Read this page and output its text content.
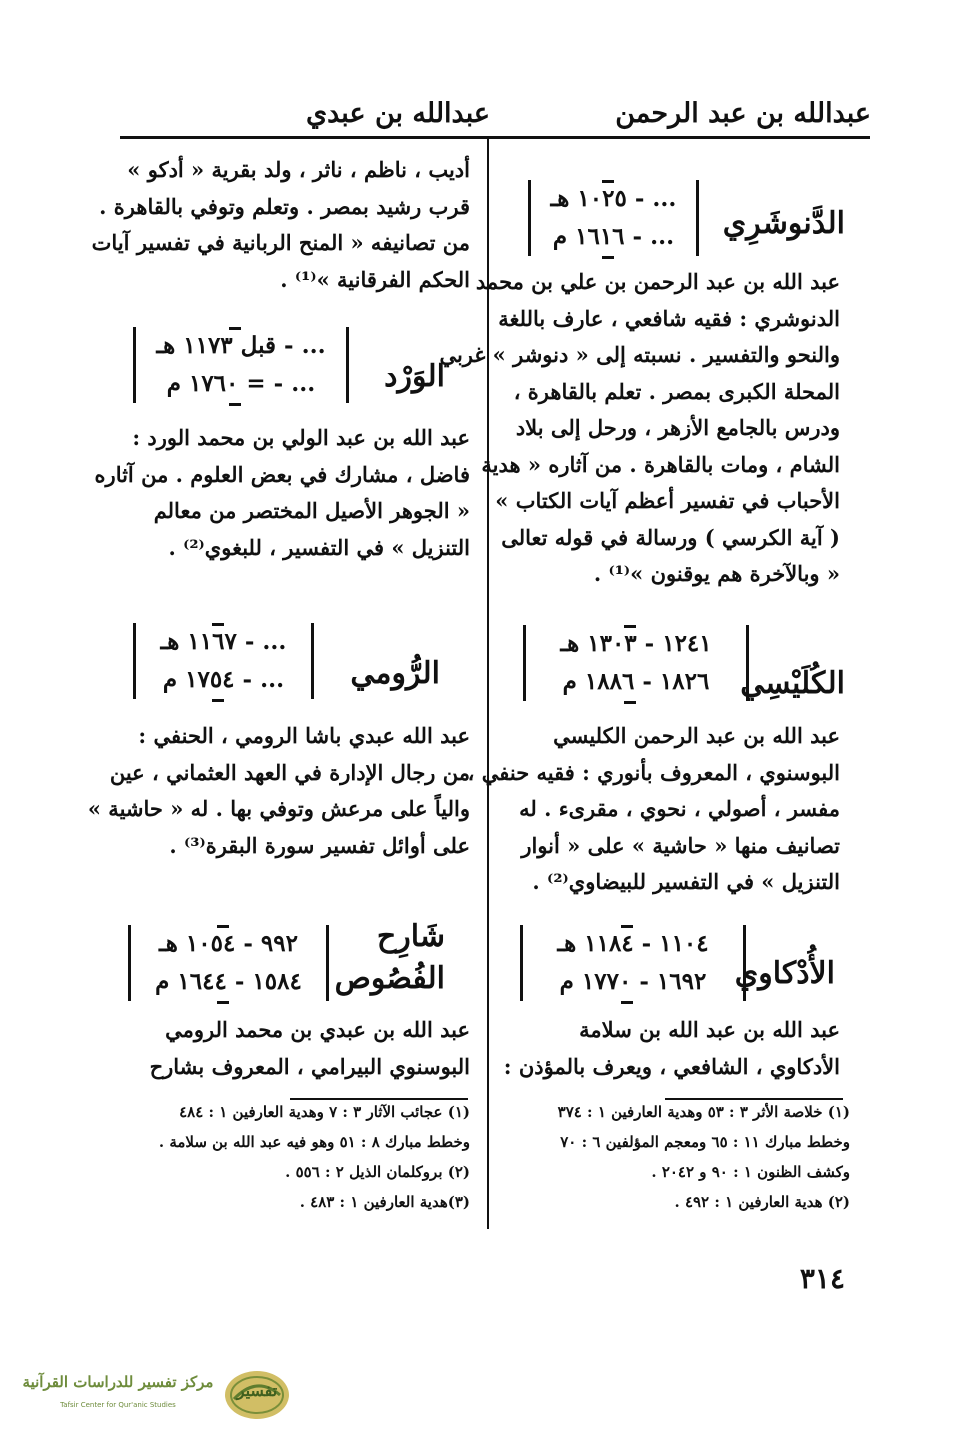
عبدالله بن عبد الرحمن
عبدالله بن عبدي
الدَّنوشَرِي
... - ١٠٢٥ هـ
... - ١٦١٦ م

عبد الله بن عبد الرحمن بن علي بن محمد

الدنوشري : فقيه شافعي ، عارف باللغة

والنحو والتفسير . نسبته إلى « دنوشر » غربي

المحلة الكبرى بمصر . تعلم بالقاهرة ،

ودرس بالجامع الأزهر ، ورحل إلى بلاد

الشام ، ومات بالقاهرة . من آثاره « هدية

الأحباب في تفسير أعظم آيات الكتاب »

( آية الكرسي ) ورسالة في قوله تعالى

« وبالآخرة هم يوقنون »⁽¹⁾ .

الكُلَيْسِي
١٢٤١ - ١٣٠٣ هـ
١٨٢٦ - ١٨٨٦ م

عبد الله بن عبد الرحمن الكليسي

البوسنوي ، المعروف بأنوري : فقيه حنفي ،

مفسر ، أصولي ، نحوي ، مقرىء . له

تصانيف منها « حاشية » على « أنوار

التنزيل » في التفسير للبيضاوي⁽²⁾ .

الأُدْكاوي
١١٠٤ - ١١٨٤ هـ
١٦٩٢ - ١٧٧٠ م

عبد الله بن عبد الله بن سلامة

الأدكاوي ، الشافعي ، ويعرف بالمؤذن :

(١) خلاصة الأثر ٣ : ٥٣ وهدية العارفين ١ : ٣٧٤

وخطط مبارك ١١ : ٦٥ ومعجم المؤلفين ٦ : ٧٠

وكشف الظنون ١ : ٩٠ و ٢٠٤٢ .

(٢) هدية العارفين ١ : ٤٩٢ .

أديب ، ناظم ، ناثر ، ولد بقرية « أدكو »

قرب رشيد بمصر . وتعلم وتوفي بالقاهرة .

من تصانيفه « المنح الربانية في تفسير آيات

الحكم الفرقانية »⁽¹⁾ .

الوَرْد
... - قبل ١١٧٣ هـ
... - = ١٧٦٠ م

عبد الله بن عبد الولي بن محمد الورد :

فاضل ، مشارك في بعض العلوم . من آثاره

« الجوهر الأصيل المختصر من معالم

التنزيل » في التفسير ، للبغوي⁽²⁾ .

الرُّومي
... - ١١٦٧ هـ
... - ١٧٥٤ م

عبد الله عبدي باشا الرومي ، الحنفي :

من رجال الإدارة في العهد العثماني ، عين

والياً على مرعش وتوفي بها . له « حاشية »

على أوائل تفسير سورة البقرة⁽³⁾ .

شَارِح
الفُصُوص
٩٩٢ - ١٠٥٤ هـ
١٥٨٤ - ١٦٤٤ م

عبد الله بن عبدي بن محمد الرومي

البوسنوي البيرامي ، المعروف بشارح

(١) عجائب الآثار ٣ : ٧ وهدية العارفين ١ : ٤٨٤

وخطط مبارك ٨ : ٥١ وهو فيه عبد الله بن سلامة .

(٢) بروكلمان الذيل ٢ : ٥٥٦ .

(٣)هدية العارفين ١ : ٤٨٣ .

٣١٤
تفسير
مركز تفسير للدراسات القرآنية
Tafsir Center for Qur'anic Studies
